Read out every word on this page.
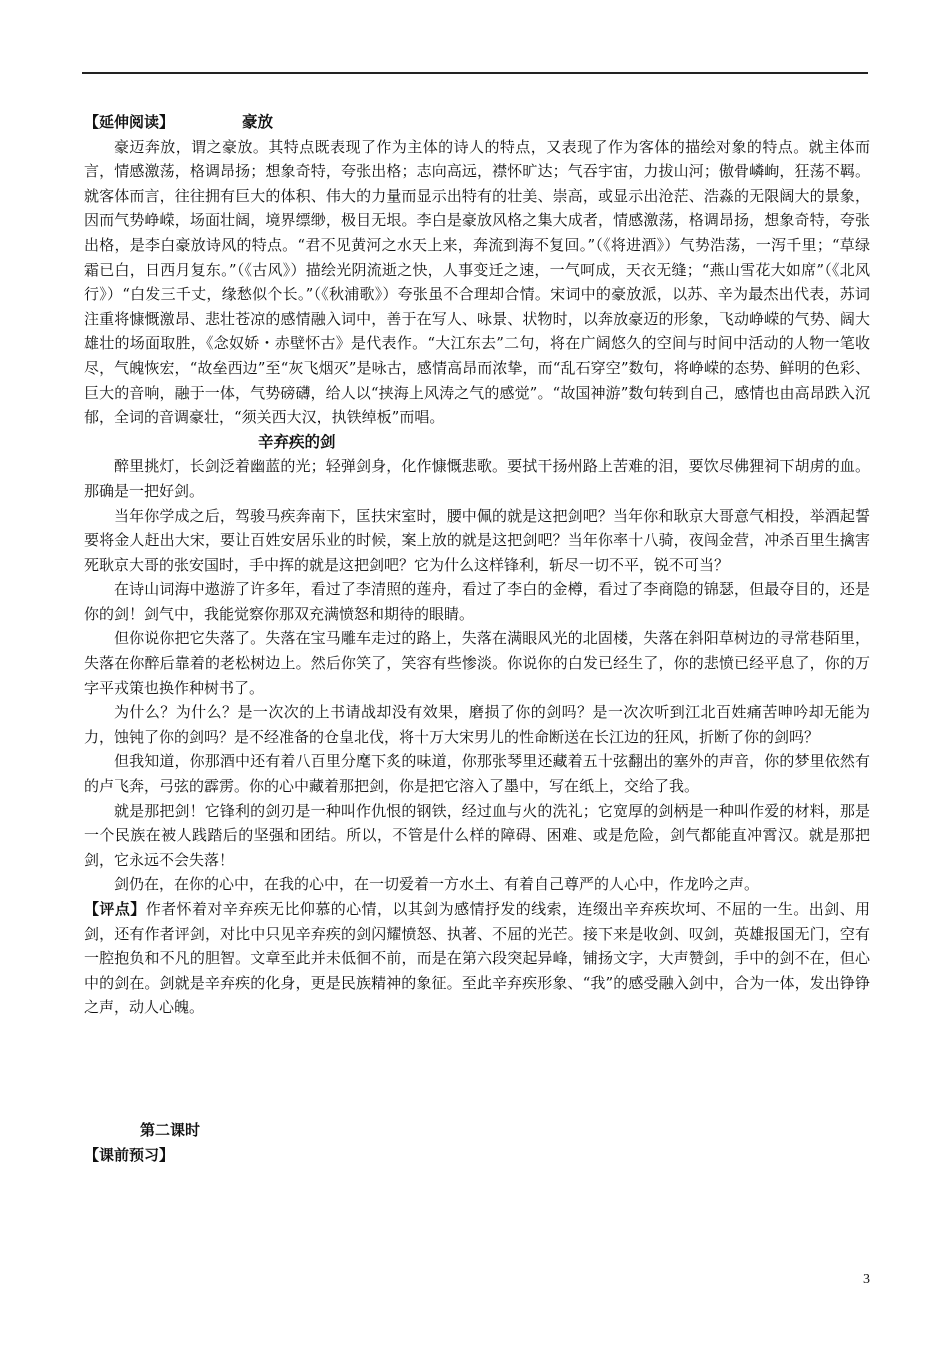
【延伸阅读】	豪放

豪迈奔放，谓之豪放。其特点既表现了作为主体的诗人的特点，又表现了作为客体的描绘对象的特点。就主体而言，情感激荡，格调昂扬；想象奇特，夸张出格；志向高远，襟怀旷达；气吞宇宙，力拔山河；傲骨嶙峋，狂荡不羁。就客体而言，往往拥有巨大的体积、伟大的力量而显示出特有的壮美、崇高，或显示出沧茫、浩淼的无限阔大的景象，因而气势峥嵘，场面壮阔，境界缥缈，极目无垠。李白是豪放风格之集大成者，情感激荡，格调昂扬，想象奇特，夸张出格，是李白豪放诗风的特点。“君不见黄河之水天上来，奔流到海不复回。”（《将进酒》）气势浩荡，一泻千里；“草绿霜已白，日西月复东。”（《古风》）描绘光阴流逝之快，人事变迁之速，一气呵成，天衣无缝；“燕山雪花大如席”（《北风行》）“白发三千丈，缘愁似个长。”（《秋浦歌》）夸张虽不合理却合情。宋词中的豪放派，以苏、辛为最杰出代表，苏词注重将慷慨激昂、悲壮苍凉的感情融入词中，善于在写人、咏景、状物时，以奔放豪迈的形象，飞动峥嵘的气势、阔大雄壮的场面取胜，《念奴娇・赤壁怀古》是代表作。“大江东去”二句，将在广阔悠久的空间与时间中活动的人物一笔收尽，气魄恢宏，“故垒西边”至“灰飞烟灭”是咏古，感情高昂而浓挚，而“乱石穿空”数句，将峥嵘的态势、鲜明的色彩、巨大的音响，融于一体，气势磅礴，给人以“挟海上风涛之气的感觉”。“故国神游”数句转到自己，感情也由高昂跌入沉郁，全词的音调豪壮，“须关西大汉，执铁绰板”而唱。

辛弃疾的剑

醉里挑灯，长剑泛着幽蓝的光；轻弹剑身，化作慷慨悲歌。要拭干扬州路上苦难的泪，要饮尽佛狸祠下胡虏的血。那确是一把好剑。

当年你学成之后，驾骏马疾奔南下，匡扶宋室时，腰中佩的就是这把剑吧？当年你和耿京大哥意气相投，举酒起誓要将金人赶出大宋，要让百姓安居乐业的时候，案上放的就是这把剑吧？当年你率十八骑，夜闯金营，冲杀百里生擒害死耿京大哥的张安国时，手中挥的就是这把剑吧？它为什么这样锋利，斩尽一切不平，锐不可当？

在诗山词海中遨游了许多年，看过了李清照的莲舟，看过了李白的金樽，看过了李商隐的锦瑟，但最夺目的，还是你的剑！剑气中，我能觉察你那双充满愤怒和期待的眼睛。

但你说你把它失落了。失落在宝马雕车走过的路上，失落在满眼风光的北固楼，失落在斜阳草树边的寻常巷陌里，失落在你醉后靠着的老松树边上。然后你笑了，笑容有些惨淡。你说你的白发已经生了，你的悲愤已经平息了，你的万字平戎策也换作种树书了。

为什么？为什么？是一次次的上书请战却没有效果，磨损了你的剑吗？是一次次听到江北百姓痛苦呻吟却无能为力，蚀钝了你的剑吗？是不经准备的仓皇北伐，将十万大宋男儿的性命断送在长江边的狂风，折断了你的剑吗？

但我知道，你那酒中还有着八百里分麾下炙的味道，你那张琴里还藏着五十弦翻出的塞外的声音，你的梦里依然有的卢飞奔，弓弦的霹雳。你的心中藏着那把剑，你是把它溶入了墨中，写在纸上，交给了我。

就是那把剑！它锋利的剑刃是一种叫作仇恨的钢铁，经过血与火的洗礼；它宽厚的剑柄是一种叫作爱的材料，那是一个民族在被人践踏后的坚强和团结。所以，不管是什么样的障碍、困难、或是危险，剑气都能直冲霄汉。就是那把剑，它永远不会失落！

剑仍在，在你的心中，在我的心中，在一切爱着一方水土、有着自己尊严的人心中，作龙吟之声。

【评点】作者怀着对辛弃疾无比仰慕的心情，以其剑为感情抒发的线索，连缀出辛弃疾坎坷、不屈的一生。出剑、用剑，还有作者评剑，对比中只见辛弃疾的剑闪耀愤怒、执著、不屈的光芒。接下来是收剑、叹剑，英雄报国无门，空有一腔抱负和不凡的胆智。文章至此并未低徊不前，而是在第六段突起异峰，铺扬文字，大声赞剑，手中的剑不在，但心中的剑在。剑就是辛弃疾的化身，更是民族精神的象征。至此辛弃疾形象、“我”的感受融入剑中，合为一体，发出铮铮之声，动人心魄。

第二课时

【课前预习】

3
